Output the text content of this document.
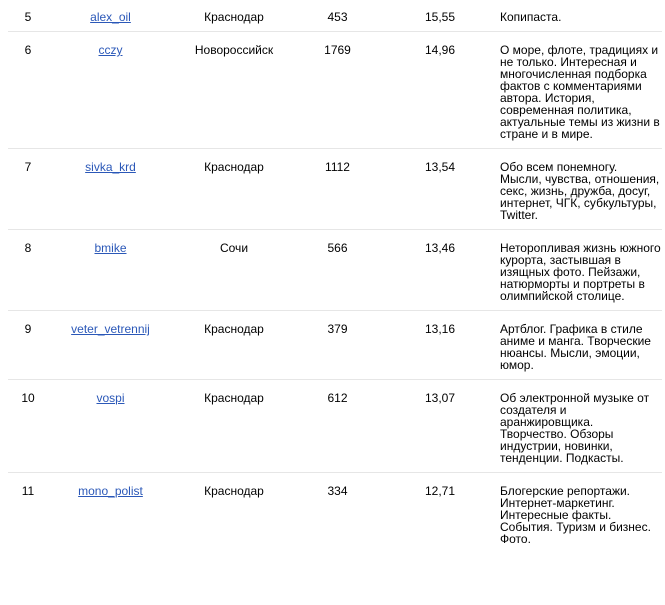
5	alex_oil	Краснодар	453	15,55	Копипаста.
6	cczy	Новороссийск	1769	14,96	О море, флоте, традициях и не только. Интересная и многочисленная подборка фактов с комментариями автора. История, современная политика, актуальные темы из жизни в стране и в мире.
7	sivka_krd	Краснодар	1112	13,54	Обо всем понемногу. Мысли, чувства, отношения, секс, жизнь, дружба, досуг, интернет, ЧГК, субкультуры, Twitter.
8	bmike	Сочи	566	13,46	Неторопливая жизнь южного курорта, застывшая в изящных фото. Пейзажи, натюрморты и портреты в олимпийской столице.
9	veter_vetrennij	Краснодар	379	13,16	Артблог. Графика в стиле аниме и манга. Творческие нюансы. Мысли, эмоции, юмор.
10	vospi	Краснодар	612	13,07	Об электронной музыке от создателя и аранжировщика. Творчество. Обзоры индустрии, новинки, тенденции. Подкасты.
11	mono_polist	Краснодар	334	12,71	Блогерские репортажи. Интернет-маркетинг. Интересные факты. События. Туризм и бизнес. Фото.
